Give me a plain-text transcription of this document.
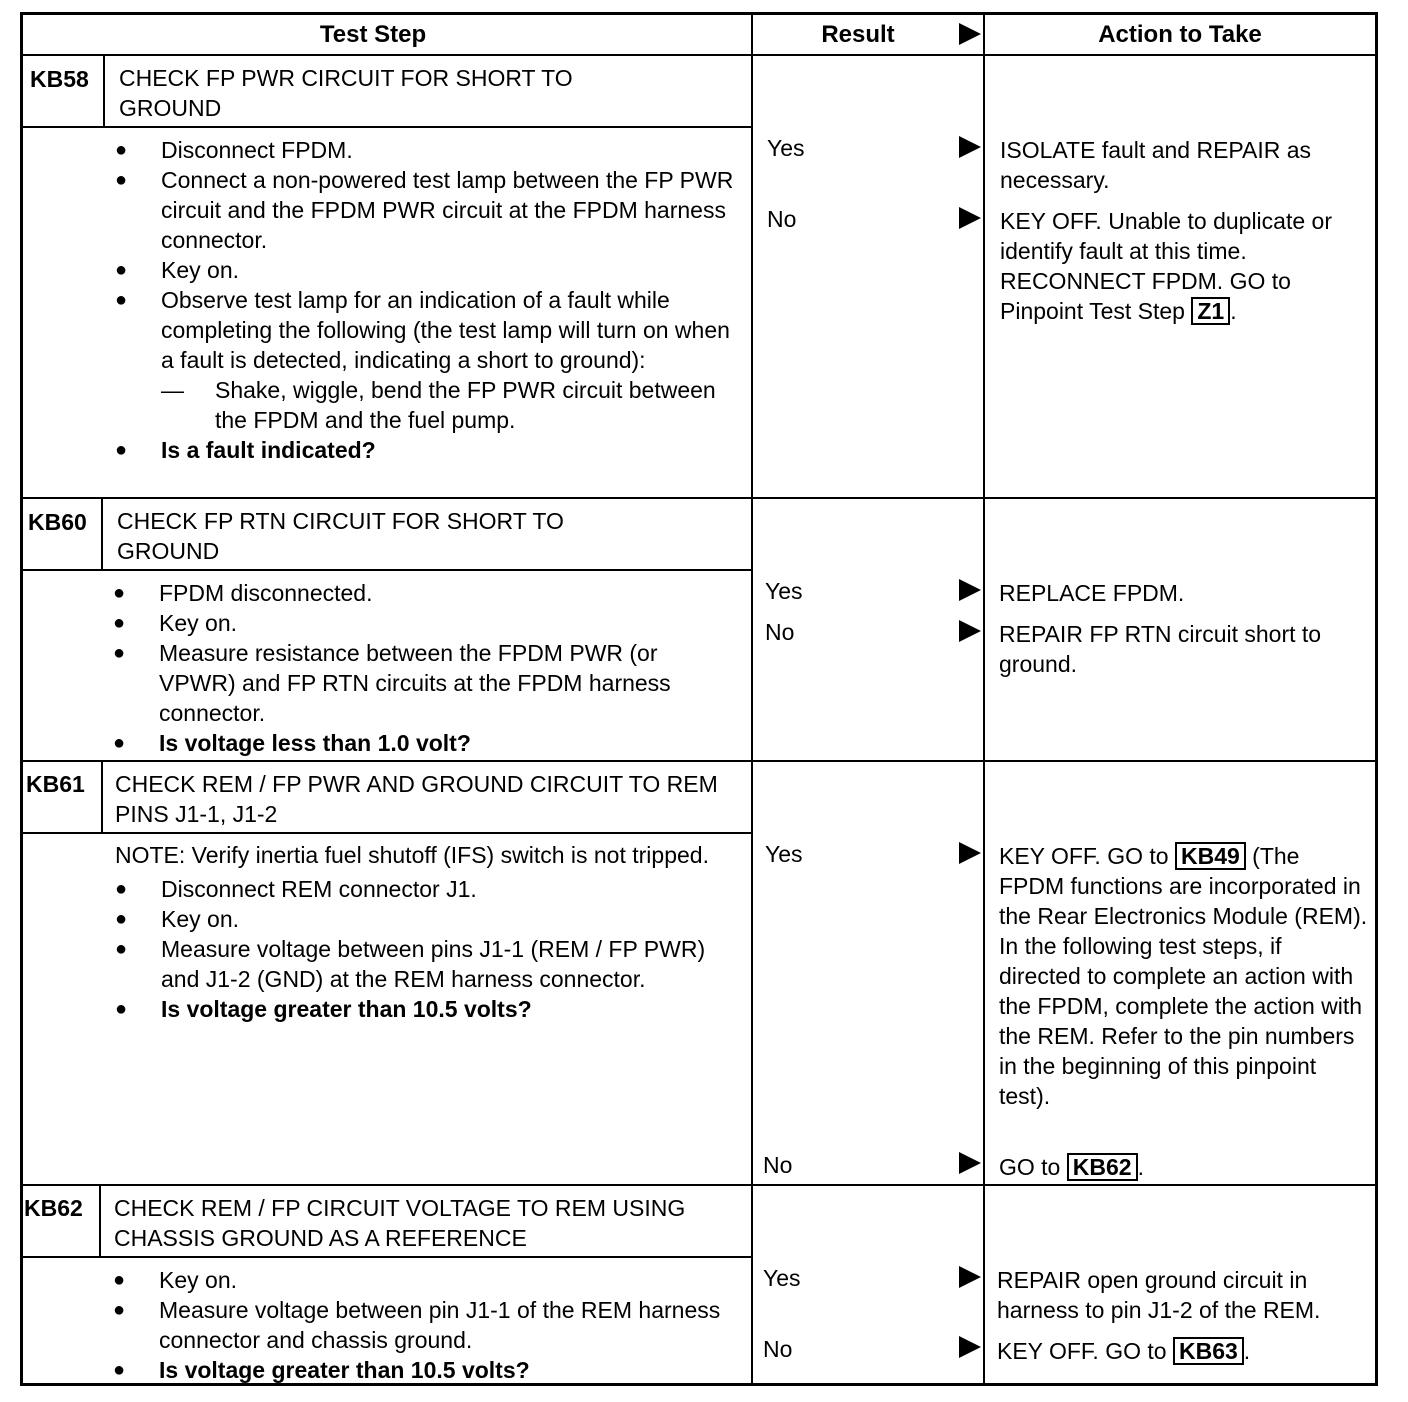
Test Step	Result	Action to Take
KB58 CHECK FP PWR CIRCUIT FOR SHORT TO GROUND
● Disconnect FPDM.
● Connect a non-powered test lamp between the FP PWR circuit and the FPDM PWR circuit at the FPDM harness connector.
● Key on.
● Observe test lamp for an indication of a fault while completing the following (the test lamp will turn on when a fault is detected, indicating a short to ground):
— Shake, wiggle, bend the FP PWR circuit between the FPDM and the fuel pump.
● Is a fault indicated?
Yes	ISOLATE fault and REPAIR as necessary.
No	KEY OFF. Unable to duplicate or identify fault at this time. RECONNECT FPDM. GO to Pinpoint Test Step Z1 .
KB60 CHECK FP RTN CIRCUIT FOR SHORT TO GROUND
● FPDM disconnected.
● Key on.
● Measure resistance between the FPDM PWR (or VPWR) and FP RTN circuits at the FPDM harness connector.
● Is voltage less than 1.0 volt?
Yes	REPLACE FPDM.
No	REPAIR FP RTN circuit short to ground.
KB61 CHECK REM / FP PWR AND GROUND CIRCUIT TO REM PINS J1-1, J1-2
NOTE: Verify inertia fuel shutoff (IFS) switch is not tripped.
● Disconnect REM connector J1.
● Key on.
● Measure voltage between pins J1-1 (REM / FP PWR) and J1-2 (GND) at the REM harness connector.
● Is voltage greater than 10.5 volts?
Yes	KEY OFF. GO to KB49 (The FPDM functions are incorporated in the Rear Electronics Module (REM). In the following test steps, if directed to complete an action with the FPDM, complete the action with the REM. Refer to the pin numbers in the beginning of this pinpoint test).
No	GO to KB62 .
KB62 CHECK REM / FP CIRCUIT VOLTAGE TO REM USING CHASSIS GROUND AS A REFERENCE
● Key on.
● Measure voltage between pin J1-1 of the REM harness connector and chassis ground.
● Is voltage greater than 10.5 volts?
Yes	REPAIR open ground circuit in harness to pin J1-2 of the REM.
No	KEY OFF. GO to KB63 .
